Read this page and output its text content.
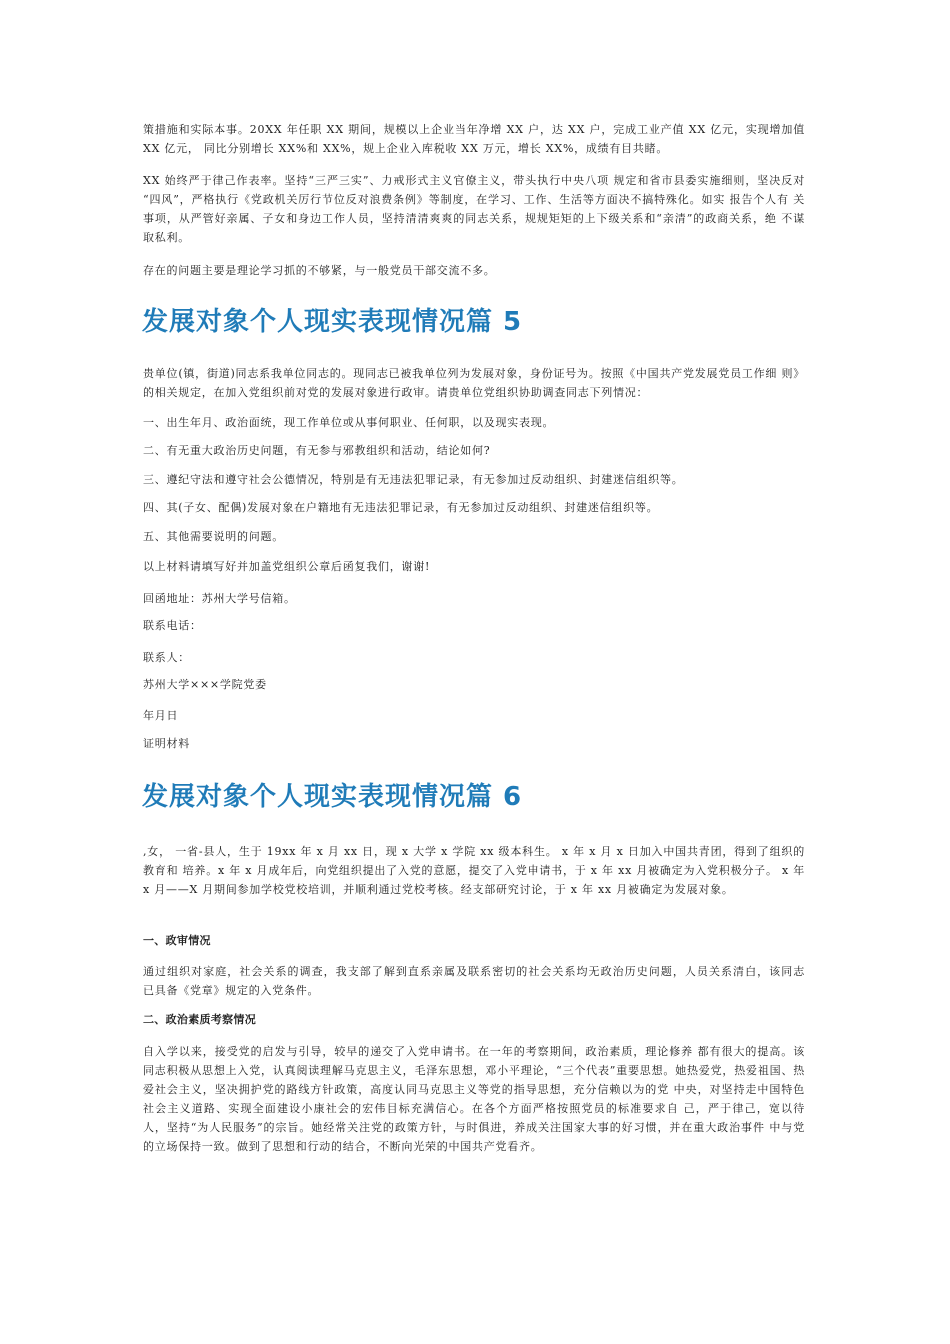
策措施和实际本事。20XX 年任职 XX 期间，规模以上企业当年净增 XX 户，达 XX 户，完成工业产值 XX 亿元，实现增加值 XX 亿元， 同比分别增长 XX%和 XX%，规上企业入库税收 XX 万元，增长 XX%，成绩有目共睹。

XX 始终严于律己作表率。坚持“三严三实”、力戒形式主义官僚主义，带头执行中央八项 规定和省市县委实施细则，坚决反对 “四风”，严格执行《党政机关厉行节位反对浪费条例》等制度，在学习、工作、生活等方面决不搞特殊化。如实 报告个人有 关事项，从严管好亲属、子女和身边工作人员，坚持清清爽爽的同志关系，规规矩矩的上下级关系和“亲清”的政商关系，绝 不谋取私利。

存在的问题主要是理论学习抓的不够紧，与一般党员干部交流不多。

发展对象个人现实表现情况篇 5

贵单位(镇，街道)同志系我单位同志的。现同志已被我单位列为发展对象，身份证号为。按照《中国共产党发展党员工作细 则》的相关规定，在加入党组织前对党的发展对象进行政审。请贵单位党组织协助调查同志下列情况：

一、出生年月、政治面统，现工作单位或从事何职业、任何职，以及现实表现。

二、有无重大政治历史问题，有无参与邪教组织和活动，结论如何?

三、遵纪守法和遵守社会公德情况，特别是有无违法犯罪记录，有无参加过反动组织、封建迷信组织等。

四、其(子女、配偶)发展对象在户籍地有无违法犯罪记录，有无参加过反动组织、封建迷信组织等。

五、其他需要说明的问题。

以上材料请填写好并加盖党组织公章后函复我们，谢谢!

回函地址：苏州大学号信箱。

联系电话：

联系人：

苏州大学×××学院党委

年月日

证明材料

发展对象个人现实表现情况篇 6

,女， 一省-县人，生于 19xx 年 x 月 xx 日，现 x 大学 x 学院 xx 级本科生。 x 年 x 月 x 日加入中国共青团，得到了组织的教育和 培养。x 年 x 月成年后，向党组织提出了入党的意愿，提交了入党申请书，于 x 年 xx 月被确定为入党积极分子。 x 年 x 月——X 月期间参加学校党校培训，并顺利通过党校考核。经支部研究讨论，于 x 年 xx 月被确定为发展对象。

一、政审情况

通过组织对家庭，社会关系的调查，我支部了解到直系亲属及联系密切的社会关系均无政治历史问题，人员关系清白，该同志 已具备《党章》规定的入党条件。

二、政治素质考察情况

自入学以来，接受党的启发与引导，较早的递交了入党申请书。在一年的考察期间，政治素质，理论修养 都有很大的提高。该同志积极从思想上入党，认真阅读理解马克思主义，毛泽东思想，邓小平理论，“三个代表”重要思想。她热爱党，热爱祖国、热爱社会主义，坚决拥护党的路线方针政策，高度认同马克思主义等党的指导思想，充分信赖以为的党 中央，对坚持走中国特色社会主义道路、实现全面建设小康社会的宏伟目标充满信心。在各个方面严格按照党员的标准要求自 己，严于律己，宽以待人，坚持“为人民服务”的宗旨。她经常关注党的政策方针，与时俱进，养成关注国家大事的好习惯，并在重大政治事件 中与党的立场保持一致。做到了思想和行动的结合，不断向光荣的中国共产党看齐。
